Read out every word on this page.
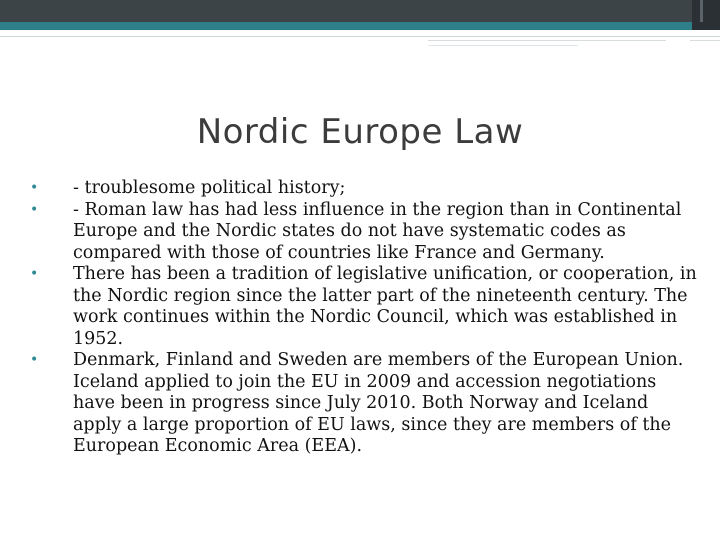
Nordic Europe Law
•	- troublesome political history;
•	- Roman law has had less influence in the region than in Continental Europe and the Nordic states do not have systematic codes as compared with those of countries like France and Germany.
•	There has been a tradition of legislative unification, or cooperation, in the Nordic region since the latter part of the nineteenth century. The work continues within the Nordic Council, which was established in 1952.
•	Denmark, Finland and Sweden are members of the European Union. Iceland applied to join the EU in 2009 and accession negotiations have been in progress since July 2010. Both Norway and Iceland apply a large proportion of EU laws, since they are members of the European Economic Area (EEA).
